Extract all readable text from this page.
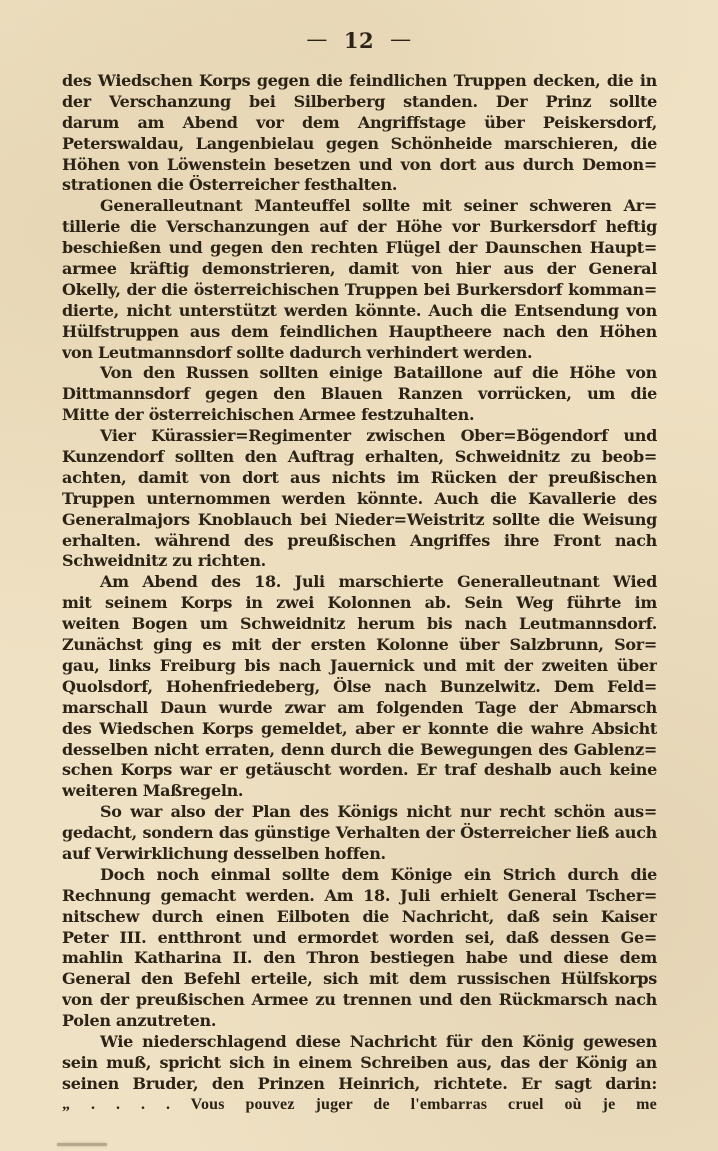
— 12 —
des Wiedschen Korps gegen die feindlichen Truppen decken, die in
der Verschanzung bei Silberberg standen. Der Prinz sollte
darum am Abend vor dem Angriffstage über Peiskersdorf,
Peterswaldau, Langenbielau gegen Schönheide marschieren, die
Höhen von Löwenstein besetzen und von dort aus durch Demon=
strationen die Österreicher festhalten.
Generalleutnant Manteuffel sollte mit seiner schweren Ar=
tillerie die Verschanzungen auf der Höhe vor Burkersdorf heftig
beschießen und gegen den rechten Flügel der Daunschen Haupt=
armee kräftig demonstrieren, damit von hier aus der General
Okelly, der die österreichischen Truppen bei Burkersdorf komman=
dierte, nicht unterstützt werden könnte. Auch die Entsendung von
Hülfstruppen aus dem feindlichen Hauptheere nach den Höhen
von Leutmannsdorf sollte dadurch verhindert werden.
Von den Russen sollten einige Bataillone auf die Höhe von
Dittmannsdorf gegen den Blauen Ranzen vorrücken, um die
Mitte der österreichischen Armee festzuhalten.
Vier Kürassier=Regimenter zwischen Ober=Bögendorf und
Kunzendorf sollten den Auftrag erhalten, Schweidnitz zu beob=
achten, damit von dort aus nichts im Rücken der preußischen
Truppen unternommen werden könnte. Auch die Kavallerie des
Generalmajors Knoblauch bei Nieder=Weistritz sollte die Weisung
erhalten. während des preußischen Angriffes ihre Front nach
Schweidnitz zu richten.
Am Abend des 18. Juli marschierte Generalleutnant Wied
mit seinem Korps in zwei Kolonnen ab. Sein Weg führte im
weiten Bogen um Schweidnitz herum bis nach Leutmannsdorf.
Zunächst ging es mit der ersten Kolonne über Salzbrunn, Sor=
gau, links Freiburg bis nach Jauernick und mit der zweiten über
Quolsdorf, Hohenfriedeberg, Ölse nach Bunzelwitz. Dem Feld=
marschall Daun wurde zwar am folgenden Tage der Abmarsch
des Wiedschen Korps gemeldet, aber er konnte die wahre Absicht
desselben nicht erraten, denn durch die Bewegungen des Gablenz=
schen Korps war er getäuscht worden. Er traf deshalb auch keine
weiteren Maßregeln.
So war also der Plan des Königs nicht nur recht schön aus=
gedacht, sondern das günstige Verhalten der Österreicher ließ auch
auf Verwirklichung desselben hoffen.
Doch noch einmal sollte dem Könige ein Strich durch die
Rechnung gemacht werden. Am 18. Juli erhielt General Tscher=
nitschew durch einen Eilboten die Nachricht, daß sein Kaiser
Peter III. entthront und ermordet worden sei, daß dessen Ge=
mahlin Katharina II. den Thron bestiegen habe und diese dem
General den Befehl erteile, sich mit dem russischen Hülfskorps
von der preußischen Armee zu trennen und den Rückmarsch nach
Polen anzutreten.
Wie niederschlagend diese Nachricht für den König gewesen
sein muß, spricht sich in einem Schreiben aus, das der König an
seinen Bruder, den Prinzen Heinrich, richtete. Er sagt darin:
„ . . . . Vous pouvez juger de l'embarras cruel où je me
